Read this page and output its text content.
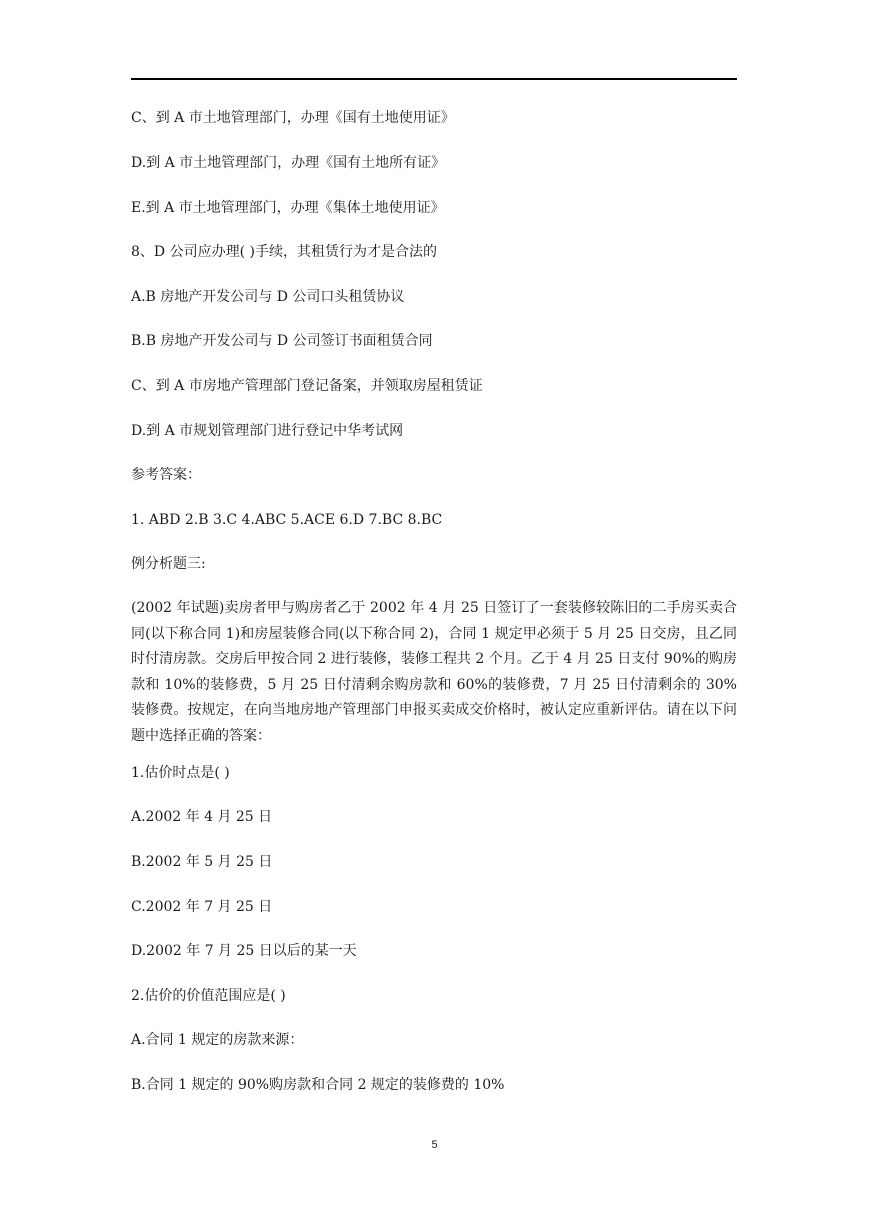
C、到 A 市土地管理部门，办理《国有土地使用证》

D.到 A 市土地管理部门，办理《国有土地所有证》

E.到 A 市土地管理部门，办理《集体土地使用证》

8、D 公司应办理( )手续，其租赁行为才是合法的

A.B 房地产开发公司与 D 公司口头租赁协议

B.B 房地产开发公司与 D 公司签订书面租赁合同

C、到 A 市房地产管理部门登记备案，并领取房屋租赁证

D.到 A 市规划管理部门进行登记中华考试网

参考答案：

1. ABD 2.B 3.C 4.ABC 5.ACE 6.D 7.BC 8.BC

例分析题三:

(2002 年试题)卖房者甲与购房者乙于 2002 年 4 月 25 日签订了一套装修较陈旧的二手房买卖合同(以下称合同 1)和房屋装修合同(以下称合同 2)，合同 1 规定甲必须于 5 月 25 日交房，且乙同时付清房款。交房后甲按合同 2 进行装修，装修工程共 2 个月。乙于 4 月 25 日支付 90%的购房款和 10%的装修费，5 月 25 日付清剩余购房款和 60%的装修费，7 月 25 日付清剩余的 30%装修费。按规定，在向当地房地产管理部门申报买卖成交价格时，被认定应重新评估。请在以下问题中选择正确的答案：

1.估价时点是( )

A.2002 年 4 月 25 日

B.2002 年 5 月 25 日

C.2002 年 7 月 25 日

D.2002 年 7 月 25 日以后的某一天

2.估价的价值范围应是( )

A.合同 1 规定的房款来源：

B.合同 1 规定的 90%购房款和合同 2 规定的装修费的 10%

5
